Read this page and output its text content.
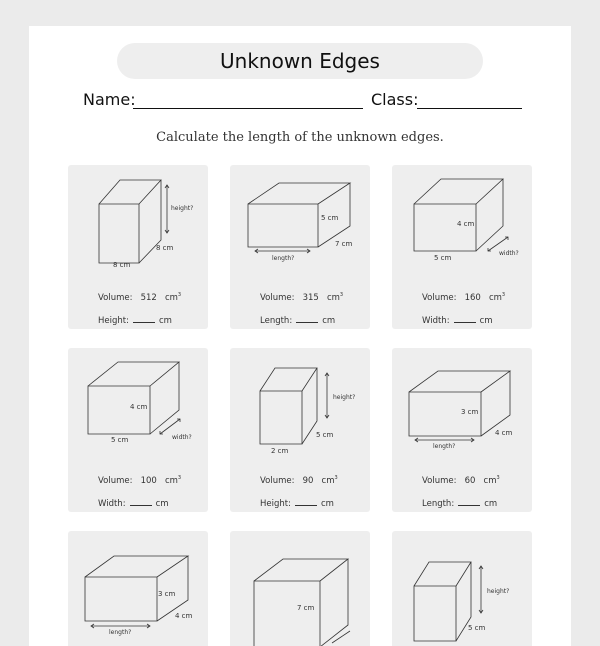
Unknown Edges
Name:	Class:
Calculate the length of the unknown edges.
height?
8 cm
8 cm
Volume: 512 $cm^3$
Height:	cm
5 cm
7 cm
length?
Volume: 315 $cm^3$
Length:	cm
4 cm
5 cm
width?
Volume: 160 $cm^3$
Width:	cm
4 cm
5 cm	width?
Volume: 100 $cm^3$
Width:	cm
height?
5 cm
2 cm
Volume: 90 $cm^3$
Height:	cm
3 cm
4 cm
length?
Volume: 60 $cm^3$
Length:	cm
3 cm
4 cm
length?
7 cm
height?
5 cm
